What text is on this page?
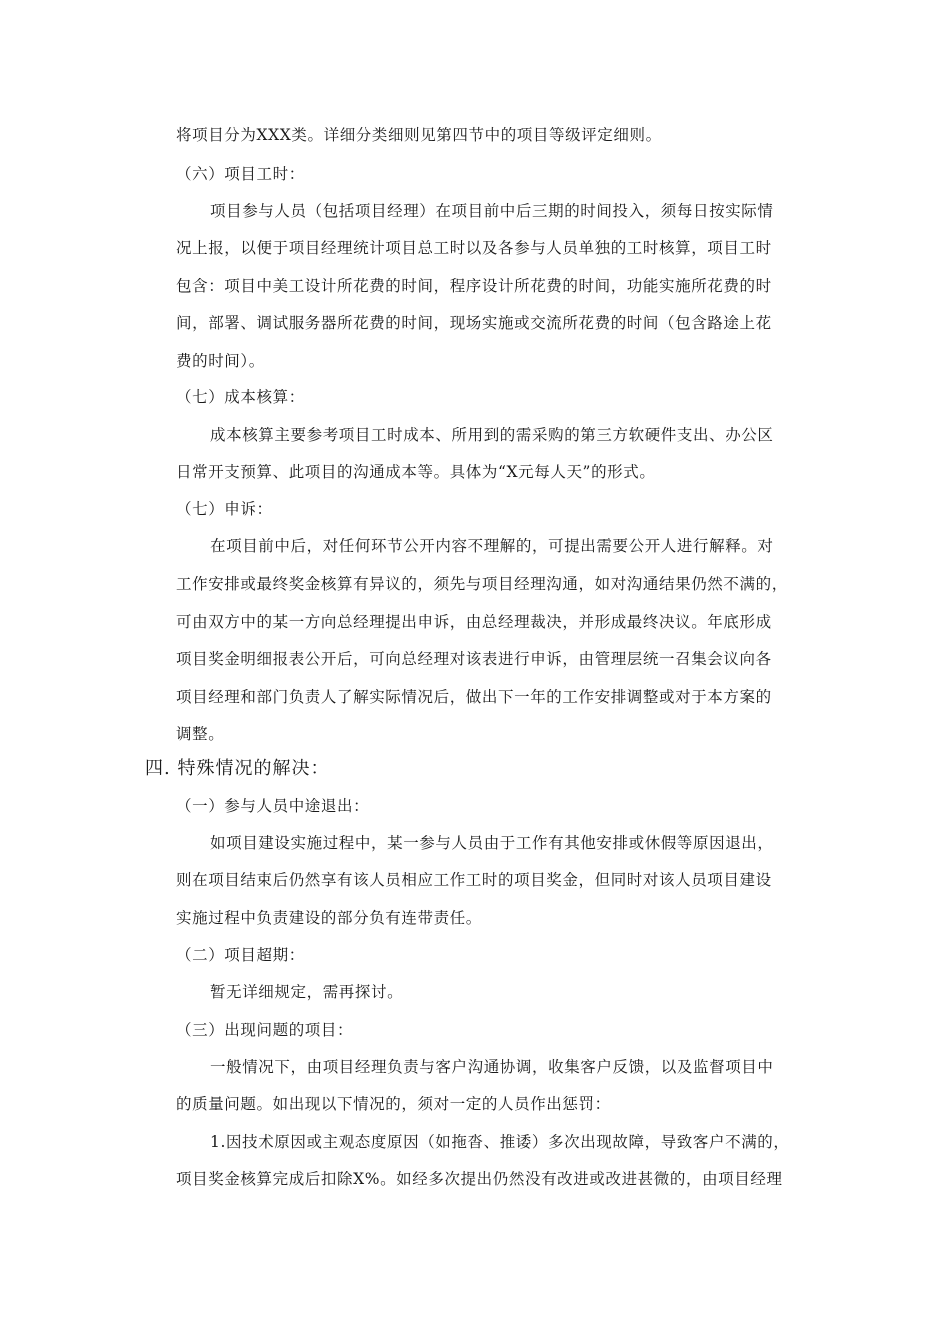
将项目分为XXX类。详细分类细则见第四节中的项目等级评定细则。

（六）项目工时：

项目参与人员（包括项目经理）在项目前中后三期的时间投入，须每日按实际情

况上报，以便于项目经理统计项目总工时以及各参与人员单独的工时核算，项目工时
包含：项目中美工设计所花费的时间，程序设计所花费的时间，功能实施所花费的时
间，部署、调试服务器所花费的时间，现场实施或交流所花费的时间（包含路途上花
费的时间）。

（七）成本核算：

成本核算主要参考项目工时成本、所用到的需采购的第三方软硬件支出、办公区

日常开支预算、此项目的沟通成本等。具体为“X元每人天”的形式。

（七）申诉：

在项目前中后，对任何环节公开内容不理解的，可提出需要公开人进行解释。对

工作安排或最终奖金核算有异议的，须先与项目经理沟通，如对沟通结果仍然不满的，
可由双方中的某一方向总经理提出申诉，由总经理裁决，并形成最终决议。年底形成
项目奖金明细报表公开后，可向总经理对该表进行申诉，由管理层统一召集会议向各
项目经理和部门负责人了解实际情况后，做出下一年的工作安排调整或对于本方案的
调整。

四. 特殊情况的解决：

（一）参与人员中途退出：

如项目建设实施过程中，某一参与人员由于工作有其他安排或休假等原因退出，

则在项目结束后仍然享有该人员相应工作工时的项目奖金，但同时对该人员项目建设
实施过程中负责建设的部分负有连带责任。

（二）项目超期：

暂无详细规定，需再探讨。

（三）出现问题的项目：

一般情况下，由项目经理负责与客户沟通协调，收集客户反馈，以及监督项目中

的质量问题。如出现以下情况的，须对一定的人员作出惩罚：

1.因技术原因或主观态度原因（如拖沓、推诿）多次出现故障，导致客户不满的，

项目奖金核算完成后扣除X%。如经多次提出仍然没有改进或改进甚微的，由项目经理
